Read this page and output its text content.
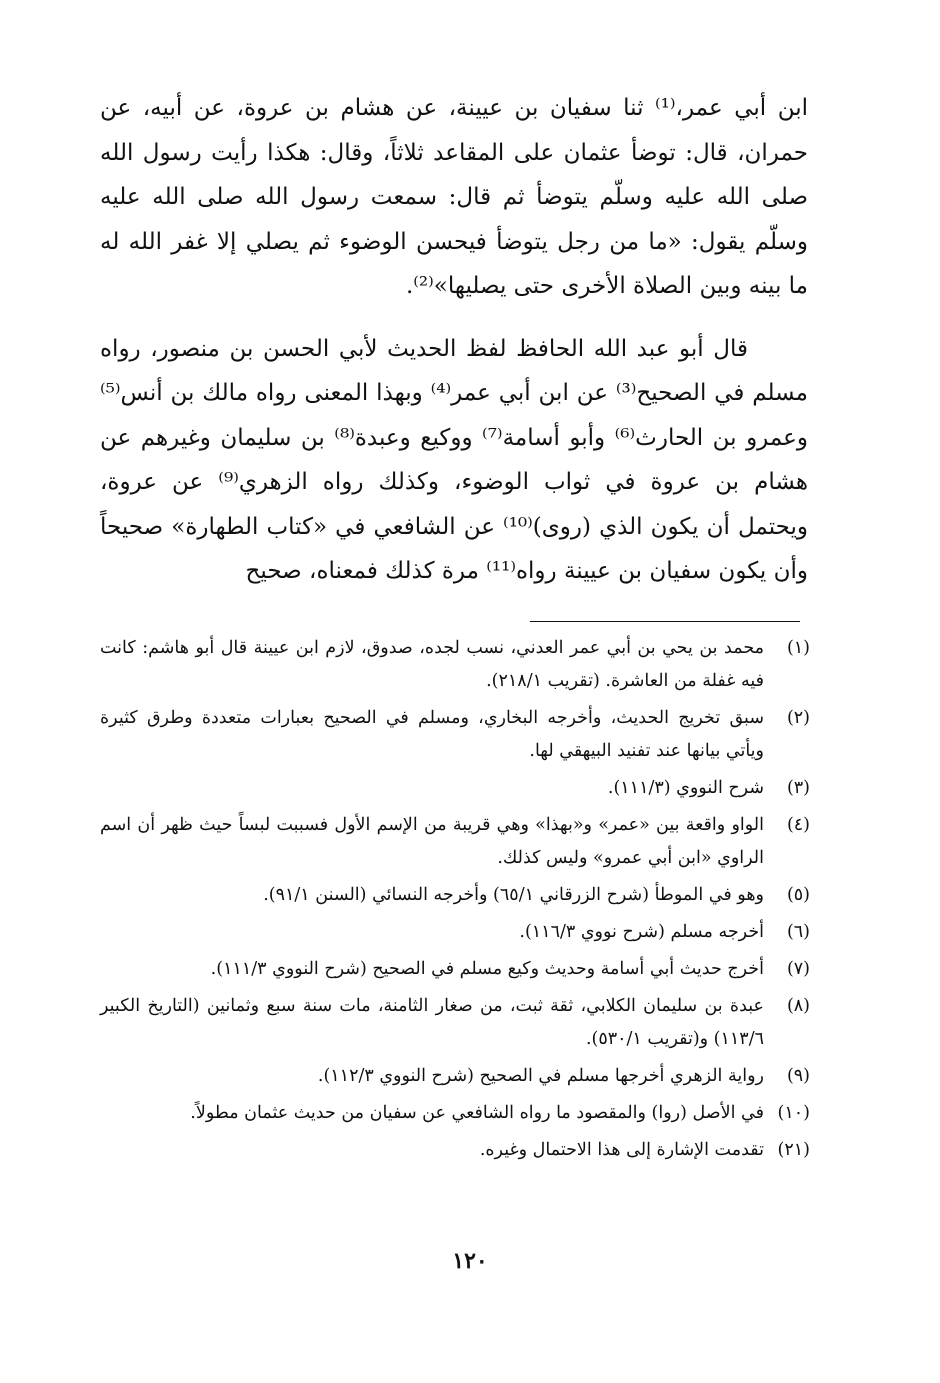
ابن أبي عمر،⁽¹⁾ ثنا سفيان بن عيينة، عن هشام بن عروة، عن أبيه، عن حمران، قال: توضأ عثمان على المقاعد ثلاثاً، وقال: هكذا رأيت رسول الله صلى الله عليه وسلّم يتوضأ ثم قال: سمعت رسول الله صلى الله عليه وسلّم يقول: «ما من رجل يتوضأ فيحسن الوضوء ثم يصلي إلا غفر الله له ما بينه وبين الصلاة الأخرى حتى يصليها»⁽²⁾.

قال أبو عبد الله الحافظ لفظ الحديث لأبي الحسن بن منصور، رواه مسلم في الصحيح⁽³⁾ عن ابن أبي عمر⁽⁴⁾ وبهذا المعنى رواه مالك بن أنس⁽⁵⁾ وعمرو بن الحارث⁽⁶⁾ وأبو أسامة⁽⁷⁾ ووكيع وعبدة⁽⁸⁾ بن سليمان وغيرهم عن هشام بن عروة في ثواب الوضوء، وكذلك رواه الزهري⁽⁹⁾ عن عروة، ويحتمل أن يكون الذي (روى)⁽¹⁰⁾ عن الشافعي في «كتاب الطهارة» صحيحاً وأن يكون سفيان بن عيينة رواه⁽¹¹⁾ مرة كذلك فمعناه، صحيح

(١)
محمد بن يحي بن أبي عمر العدني، نسب لجده، صدوق، لازم ابن عيينة قال أبو هاشم: كانت فيه غفلة من العاشرة. (تقريب ٢١٨/١).
(٢)
سبق تخريج الحديث، وأخرجه البخاري، ومسلم في الصحيح بعبارات متعددة وطرق كثيرة ويأتي بيانها عند تفنيد البيهقي لها.
(٣)
شرح النووي (١١١/٣).
(٤)
الواو واقعة بين «عمر» و«بهذا» وهي قريبة من الإسم الأول فسببت لبساً حيث ظهر أن اسم الراوي «ابن أبي عمرو» وليس كذلك.
(٥)
وهو في الموطأ (شرح الزرقاني ٦٥/١) وأخرجه النسائي (السنن ٩١/١).
(٦)
أخرجه مسلم (شرح نووي ١١٦/٣).
(٧)
أخرج حديث أبي أسامة وحديث وكيع مسلم في الصحيح (شرح النووي ١١١/٣).
(٨)
عبدة بن سليمان الكلابي، ثقة ثبت، من صغار الثامنة، مات سنة سبع وثمانين (التاريخ الكبير ١١٣/٦) و(تقريب ٥٣٠/١).
(٩)
رواية الزهري أخرجها مسلم في الصحيح (شرح النووي ١١٢/٣).
(١٠)
في الأصل (روا) والمقصود ما رواه الشافعي عن سفيان من حديث عثمان مطولاً.
(٢١)
تقدمت الإشارة إلى هذا الاحتمال وغيره.
١٢٠
